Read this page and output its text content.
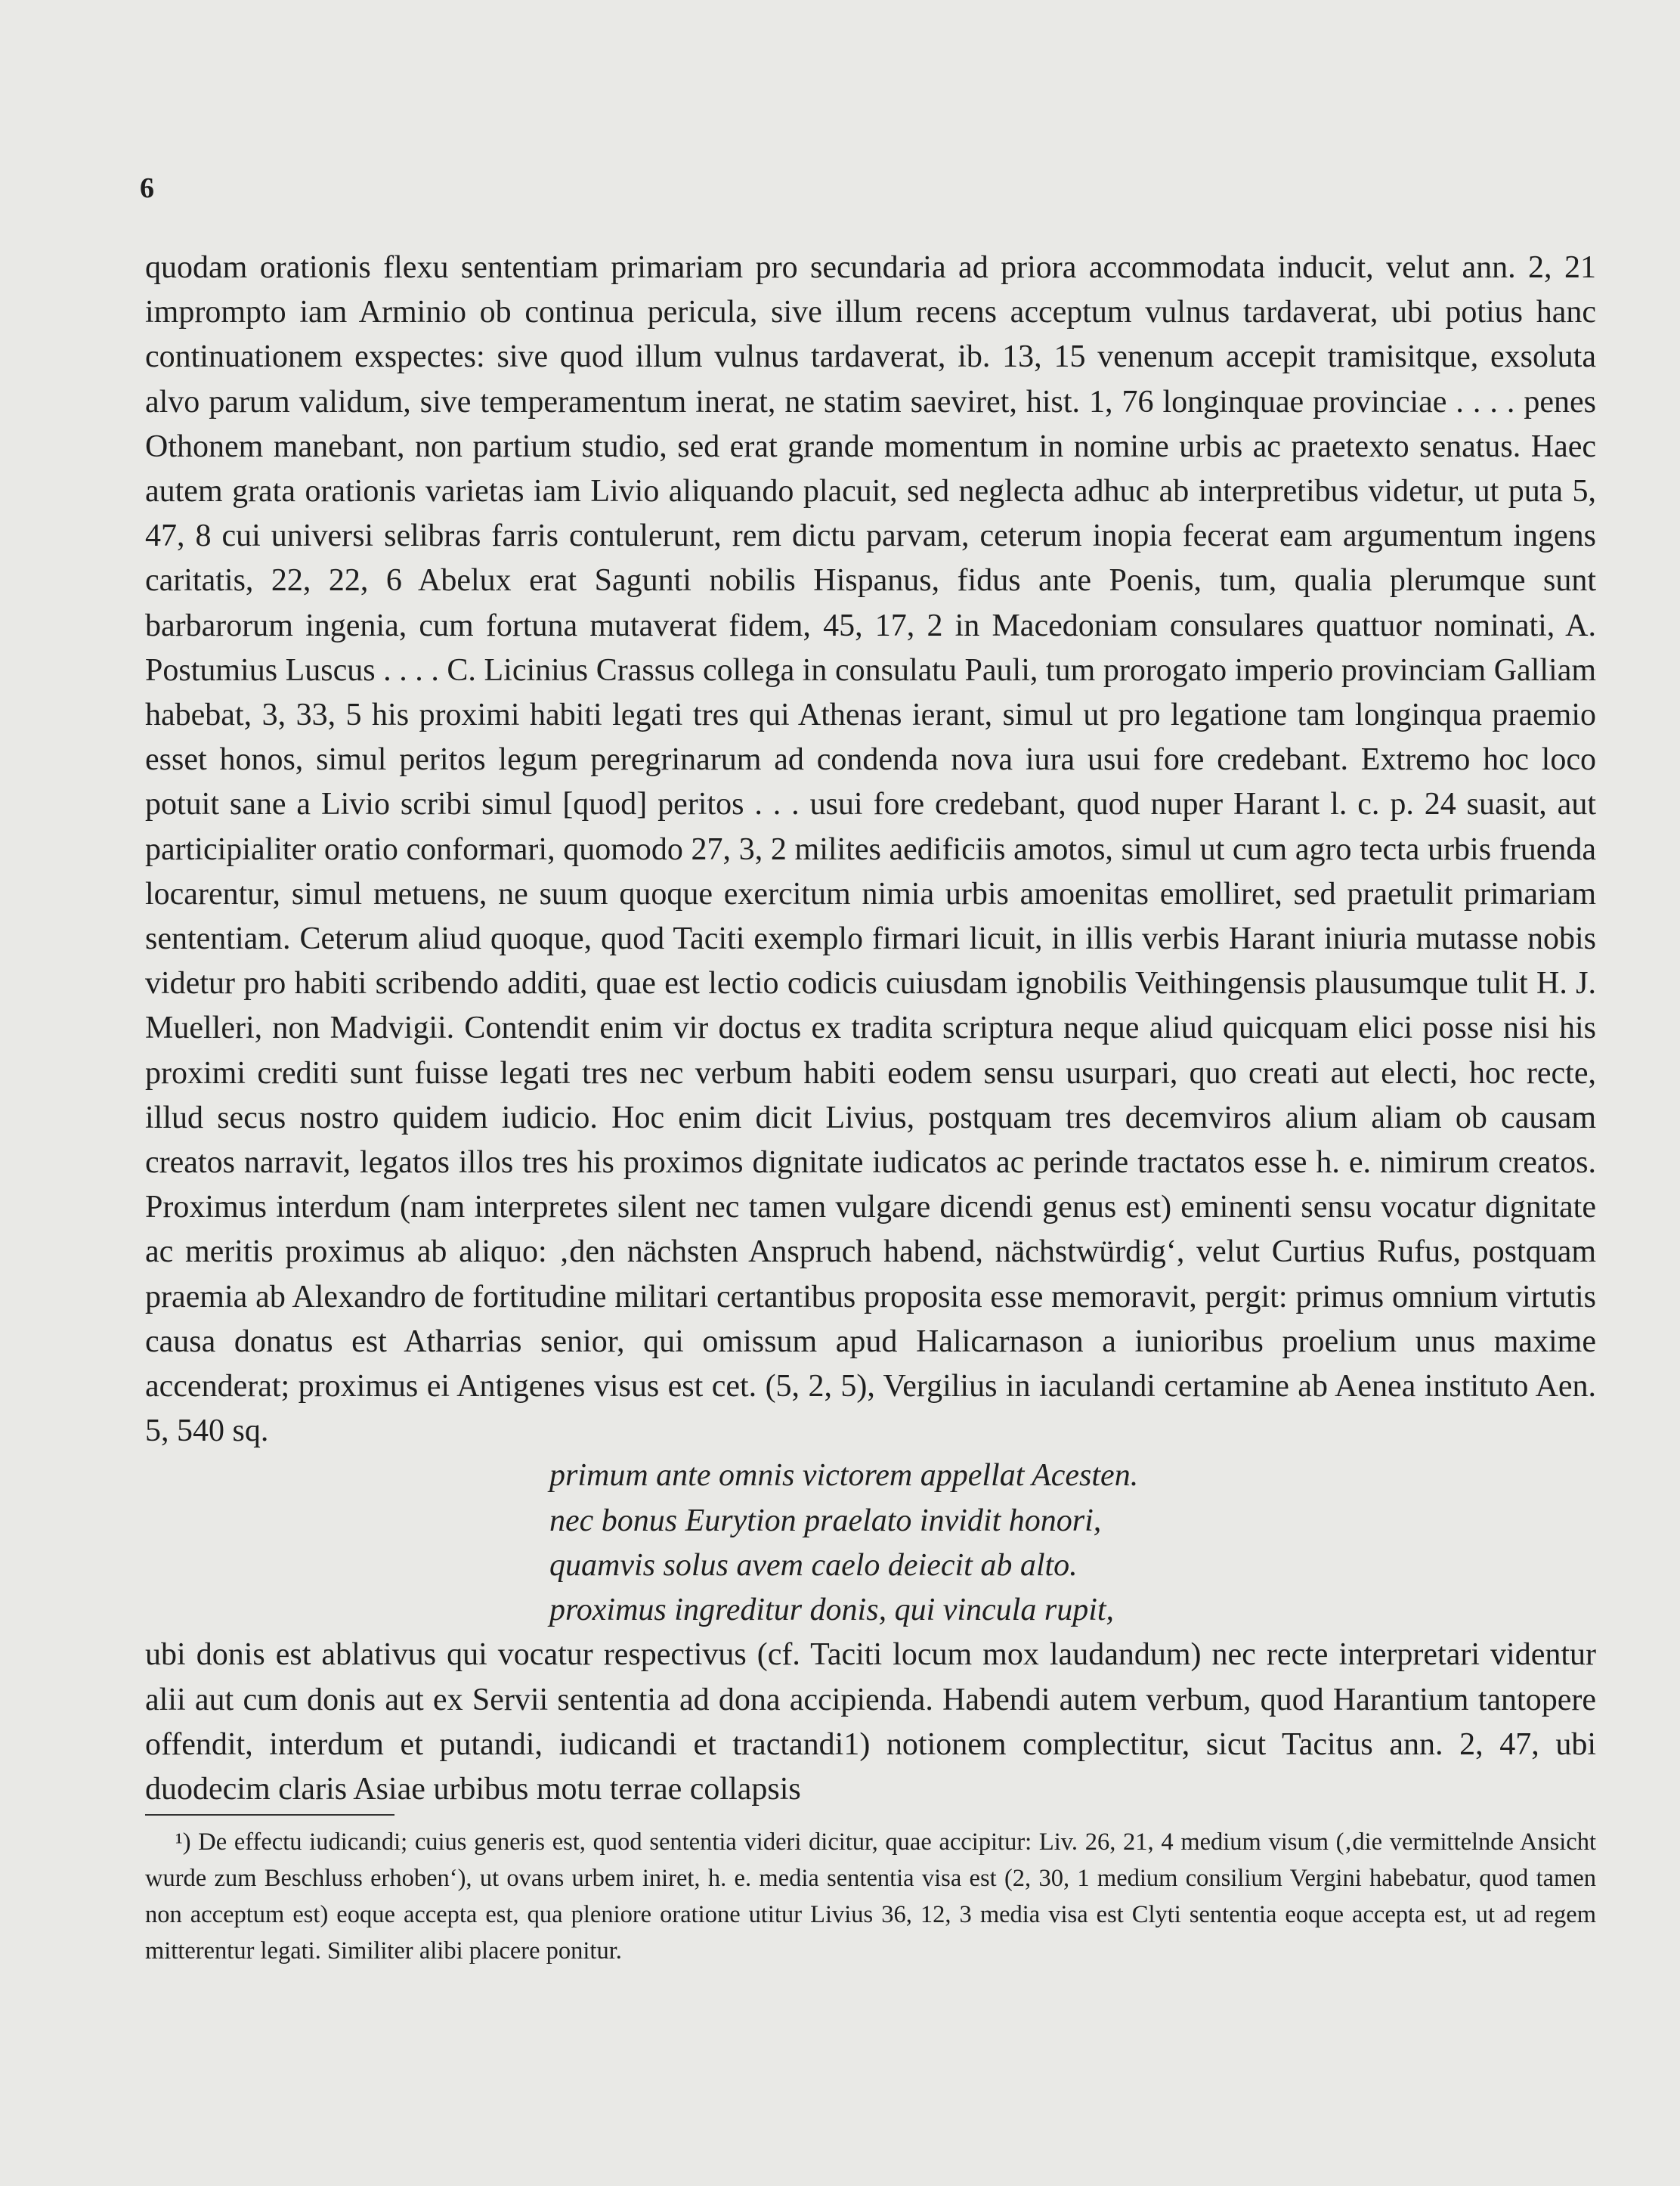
6

quodam orationis flexu sententiam primariam pro secundaria ad priora accommodata inducit, velut ann. 2, 21 imprompto iam Arminio ob continua pericula, sive illum recens acceptum vulnus tardaverat, ubi potius hanc continuationem exspectes: sive quod illum vulnus tardaverat, ib. 13, 15 venenum accepit tramisitque, exsoluta alvo parum validum, sive temperamentum inerat, ne statim saeviret, hist. 1, 76 longinquae provinciae . . . . penes Othonem manebant, non partium studio, sed erat grande momentum in nomine urbis ac praetexto senatus. Haec autem grata orationis varietas iam Livio aliquando placuit, sed neglecta adhuc ab interpretibus videtur, ut puta 5, 47, 8 cui universi selibras farris contulerunt, rem dictu parvam, ceterum inopia fecerat eam argumentum ingens caritatis, 22, 22, 6 Abelux erat Sagunti nobilis Hispanus, fidus ante Poenis, tum, qualia plerumque sunt barbarorum ingenia, cum fortuna mutaverat fidem, 45, 17, 2 in Macedoniam consulares quattuor nominati, A. Postumius Luscus . . . . C. Licinius Crassus collega in consulatu Pauli, tum prorogato imperio provinciam Galliam habebat, 3, 33, 5 his proximi habiti legati tres qui Athenas ierant, simul ut pro legatione tam longinqua praemio esset honos, simul peritos legum peregrinarum ad condenda nova iura usui fore credebant. Extremo hoc loco potuit sane a Livio scribi simul [quod] peritos . . . usui fore credebant, quod nuper Harant l. c. p. 24 suasit, aut participialiter oratio conformari, quomodo 27, 3, 2 milites aedificiis amotos, simul ut cum agro tecta urbis fruenda locarentur, simul metuens, ne suum quoque exercitum nimia urbis amoenitas emolliret, sed praetulit primariam sententiam. Ceterum aliud quoque, quod Taciti exemplo firmari licuit, in illis verbis Harant iniuria mutasse nobis videtur pro habiti scribendo additi, quae est lectio codicis cuiusdam ignobilis Veithingensis plausumque tulit H. J. Muelleri, non Madvigii. Contendit enim vir doctus ex tradita scriptura neque aliud quicquam elici posse nisi his proximi crediti sunt fuisse legati tres nec verbum habiti eodem sensu usurpari, quo creati aut electi, hoc recte, illud secus nostro quidem iudicio. Hoc enim dicit Livius, postquam tres decemviros alium aliam ob causam creatos narravit, legatos illos tres his proximos dignitate iudicatos ac perinde tractatos esse h. e. nimirum creatos. Proximus interdum (nam interpretes silent nec tamen vulgare dicendi genus est) eminenti sensu vocatur dignitate ac meritis proximus ab aliquo: ‚den nächsten Anspruch habend, nächstwürdig‘, velut Curtius Rufus, postquam praemia ab Alexandro de fortitudine militari certantibus proposita esse memoravit, pergit: primus omnium virtutis causa donatus est Atharrias senior, qui omissum apud Halicarnason a iunioribus proelium unus maxime accenderat; proximus ei Antigenes visus est cet. (5, 2, 5), Vergilius in iaculandi certamine ab Aenea instituto Aen. 5, 540 sq.

primum ante omnis victorem appellat Acesten.
nec bonus Eurytion praelato invidit honori,
quamvis solus avem caelo deiecit ab alto.
proximus ingreditur donis, qui vincula rupit,

ubi donis est ablativus qui vocatur respectivus (cf. Taciti locum mox laudandum) nec recte interpretari videntur alii aut cum donis aut ex Servii sententia ad dona accipienda. Habendi autem verbum, quod Harantium tantopere offendit, interdum et putandi, iudicandi et tractandi1) notionem complectitur, sicut Tacitus ann. 2, 47, ubi duodecim claris Asiae urbibus motu terrae collapsis

¹) De effectu iudicandi; cuius generis est, quod sententia videri dicitur, quae accipitur: Liv. 26, 21, 4 medium visum (‚die vermittelnde Ansicht wurde zum Beschluss erhoben‘), ut ovans urbem iniret, h. e. media sententia visa est (2, 30, 1 medium consilium Vergini habebatur, quod tamen non acceptum est) eoque accepta est, qua pleniore oratione utitur Livius 36, 12, 3 media visa est Clyti sententia eoque accepta est, ut ad regem mitterentur legati. Similiter alibi placere ponitur.
